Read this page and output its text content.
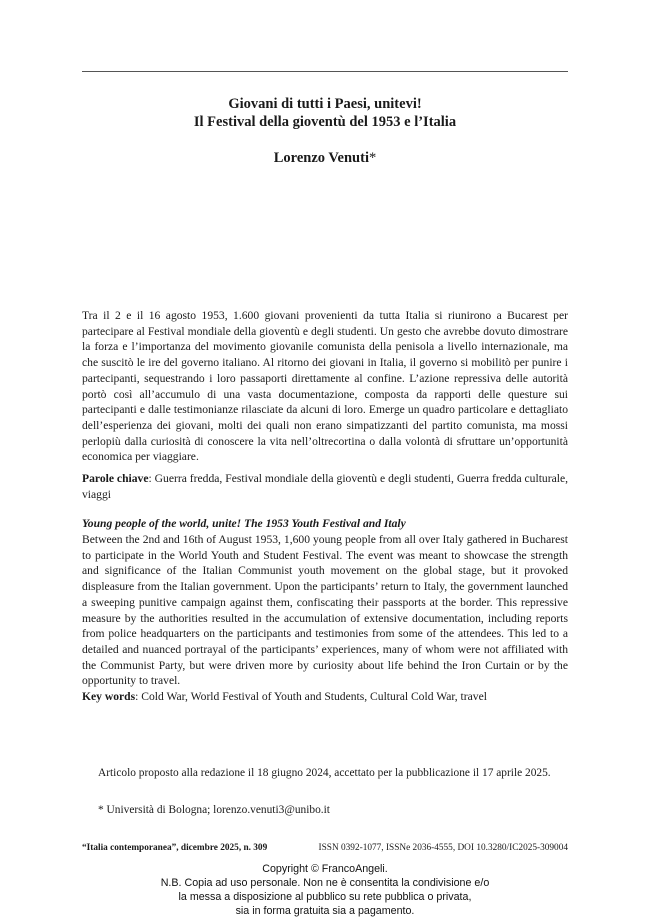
Giovani di tutti i Paesi, unitevi!
Il Festival della gioventù del 1953 e l’Italia
Lorenzo Venuti*
Tra il 2 e il 16 agosto 1953, 1.600 giovani provenienti da tutta Italia si riunirono a Bucarest per partecipare al Festival mondiale della gioventù e degli studenti. Un gesto che avrebbe dovuto dimostrare la forza e l’importanza del movimento giovanile comunista della penisola a livello internazionale, ma che suscitò le ire del governo italiano. Al ritorno dei giovani in Italia, il governo si mobilitò per punire i partecipanti, sequestrando i loro passaporti direttamente al confine. L’azione repressiva delle autorità portò così all’accumulo di una vasta documentazione, composta da rapporti delle questure sui partecipanti e dalle testimonianze rilasciate da alcuni di loro. Emerge un quadro particolare e dettagliato dell’esperienza dei giovani, molti dei quali non erano simpatizzanti del partito comunista, ma mossi perlopiù dalla curiosità di conoscere la vita nell’oltrecortina o dalla volontà di sfruttare un’opportunità economica per viaggiare.
Parole chiave: Guerra fredda, Festival mondiale della gioventù e degli studenti, Guerra fredda culturale, viaggi
Young people of the world, unite! The 1953 Youth Festival and Italy
Between the 2nd and 16th of August 1953, 1,600 young people from all over Italy gathered in Bucharest to participate in the World Youth and Student Festival. The event was meant to showcase the strength and significance of the Italian Communist youth movement on the global stage, but it provoked displeasure from the Italian government. Upon the participants’ return to Italy, the government launched a sweeping punitive campaign against them, confiscating their passports at the border. This repressive measure by the authorities resulted in the accumulation of extensive documentation, including reports from police headquarters on the participants and testimonies from some of the attendees. This led to a detailed and nuanced portrayal of the participants’ experiences, many of whom were not affiliated with the Communist Party, but were driven more by curiosity about life behind the Iron Curtain or by the opportunity to travel.
Key words: Cold War, World Festival of Youth and Students, Cultural Cold War, travel
Articolo proposto alla redazione il 18 giugno 2024, accettato per la pubblicazione il 17 aprile 2025.
* Università di Bologna; lorenzo.venuti3@unibo.it
“Italia contemporanea”, dicembre 2025, n. 309	ISSN 0392-1077, ISSNe 2036-4555, DOI 10.3280/IC2025-309004
Copyright © FrancoAngeli.
N.B. Copia ad uso personale. Non ne è consentita la condivisione e/o
la messa a disposizione al pubblico su rete pubblica o privata,
sia in forma gratuita sia a pagamento.
